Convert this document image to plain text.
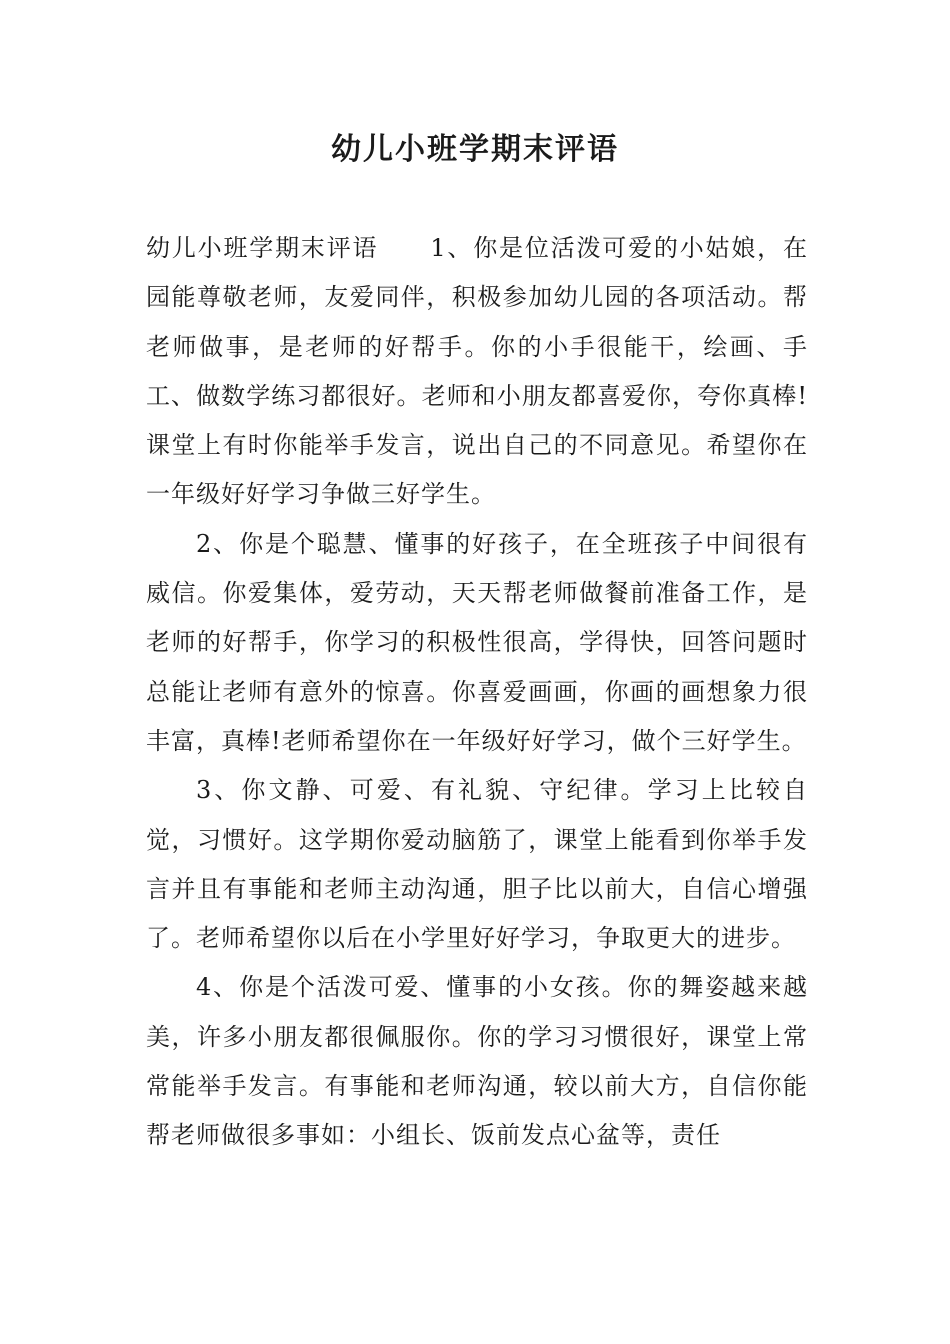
幼儿小班学期末评语

幼儿小班学期末评语 1、你是位活泼可爱的小姑娘，在园能尊敬老师，友爱同伴，积极参加幼儿园的各项活动。帮老师做事，是老师的好帮手。你的小手很能干，绘画、手工、做数学练习都很好。老师和小朋友都喜爱你，夸你真棒!课堂上有时你能举手发言，说出自己的不同意见。希望你在一年级好好学习争做三好学生。

2、你是个聪慧、懂事的好孩子，在全班孩子中间很有威信。你爱集体，爱劳动，天天帮老师做餐前准备工作，是老师的好帮手，你学习的积极性很高，学得快，回答问题时总能让老师有意外的惊喜。你喜爱画画，你画的画想象力很丰富，真棒!老师希望你在一年级好好学习，做个三好学生。

3、你文静、可爱、有礼貌、守纪律。学习上比较自觉，习惯好。这学期你爱动脑筋了，课堂上能看到你举手发言并且有事能和老师主动沟通，胆子比以前大，自信心增强了。老师希望你以后在小学里好好学习，争取更大的进步。

4、你是个活泼可爱、懂事的小女孩。你的舞姿越来越美，许多小朋友都很佩服你。你的学习习惯很好，课堂上常常能举手发言。有事能和老师沟通，较以前大方，自信你能帮老师做很多事如：小组长、饭前发点心盆等，责任
